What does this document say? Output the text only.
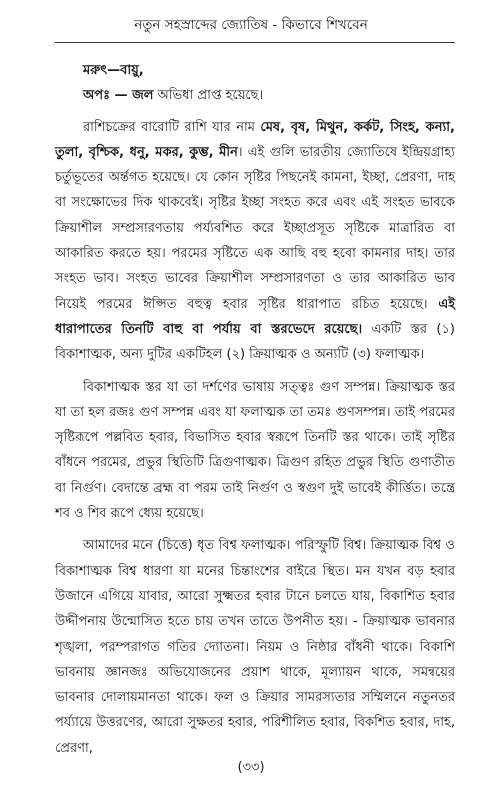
নতুন সহস্রাব্দের জ্যোতিষ - কিভাবে শিখবেন

মরুৎ—বায়ু,

অপঃ — জল অভিধা প্রাপ্ত হয়েছে।

রাশিচক্রের বারোটি রাশি যার নাম মেষ, বৃষ, মিথুন, কর্কট, সিংহ, কন্যা, তুলা, বৃশ্চিক, ধনু, মকর, কুম্ভ, মীন। এই গুলি ভারতীয় জ্যোতিষে ইন্দ্রিয়গ্রাহ্য চর্তুভূতের অর্ন্তগত হয়েছে। যে কোন সৃষ্টির পিছনেই কামনা, ইচ্ছা, প্রেরণা, দাহ বা সংক্ষোভের দিক থাকবেই। সৃষ্টির ইচ্ছা সংহত করে এবং এই সংহত ভাবকে ক্রিয়াশীল সম্প্রসারণতায় পর্য্যবশিত করে ইচ্ছাপ্রসূত সৃষ্টিকে মাত্রারিত বা আকারিত করতে হয়। পরমের সৃষ্টিতে এক আছি বহু হবো কামনার দাহ। তার সংহত ভাব। সংহত ভাবের ক্রিয়াশীল সম্প্রসারণতা ও তার আকারিত ভাব নিয়েই পরমের ঈপ্সিত বহুত্ব হবার সৃষ্টির ধারাপাত রচিত হয়েছে। এই ধারাপাতের তিনটি বাহু বা পর্যায় বা স্তরভেদে রয়েছে। একটি স্তর (১) বিকাশাত্মক, অন্য দুটির একটিহল (২) ক্রিয়াত্মক ও অন্যটি (৩) ফলাত্মক।

বিকাশাত্মক স্তর যা তা দর্শণের ভাষায় সত্ত্বঃ গুণ সম্পন্ন। ক্রিয়াত্মক স্তর যা তা হল রজঃ গুণ সম্পন্ন এবং যা ফলাত্মক তা তমঃ গুণসম্পন্ন। তাই পরমের সৃষ্টিরূপে পল্লবিত হবার, বিভাসিত হবার স্বরূপে তিনটি স্তর থাকে। তাই সৃষ্টির বাঁধনে পরমের, প্রভুর স্থিতিটি ত্রিগুণাত্মক। ত্রিগুণ রহিত প্রভুর স্থিতি গুণাতীত বা নির্গুণ। বেদান্তে ব্রহ্ম বা পরম তাই নির্গুণ ও স্বগুণ দুই ভাবেই কীর্ত্তিত। তন্ত্রে শব ও শিব রূপে ধ্যেয় হয়েছে।

আমাদের মনে (চিত্তে) ধৃত বিশ্ব ফলাত্মক। পরিস্ফুটি বিশ্ব। ক্রিয়াত্মক বিশ্ব ও বিকাশাত্মক বিশ্ব ধারণা যা মনের চিন্তাংশের বাইরে স্থিত। মন যখন বড় হবার উজানে এগিয়ে যাবার, আরো সুক্ষ্মতর হবার টানে চলতে যায়, বিকাশিত হবার উদ্দীপনায় উন্মোসিত হতে চায় তখন তাতে উপনীত হয়। - ক্রিয়াত্মক ভাবনার শৃঙ্খলা, পরম্পরাগত গতির দ্যোতনা। নিয়ম ও নিষ্ঠার বাঁধনী থাকে। বিকাশি ভাবনায় জ্ঞানজঃ অভিযোজনের প্রয়াশ থাকে, মূল্যায়ন থাকে, সমন্বয়ের ভাবনার দোলায়মানতা থাকে। ফল ও ক্রিয়ার সামরস্যতার সম্মিলনে নতুনতর পর্য্যায়ে উত্তরণের, আরো সুক্ষতর হবার, পরিশীলিত হবার, বিকশিত হবার, দাহ, প্রেরণা,

(৩৩)
